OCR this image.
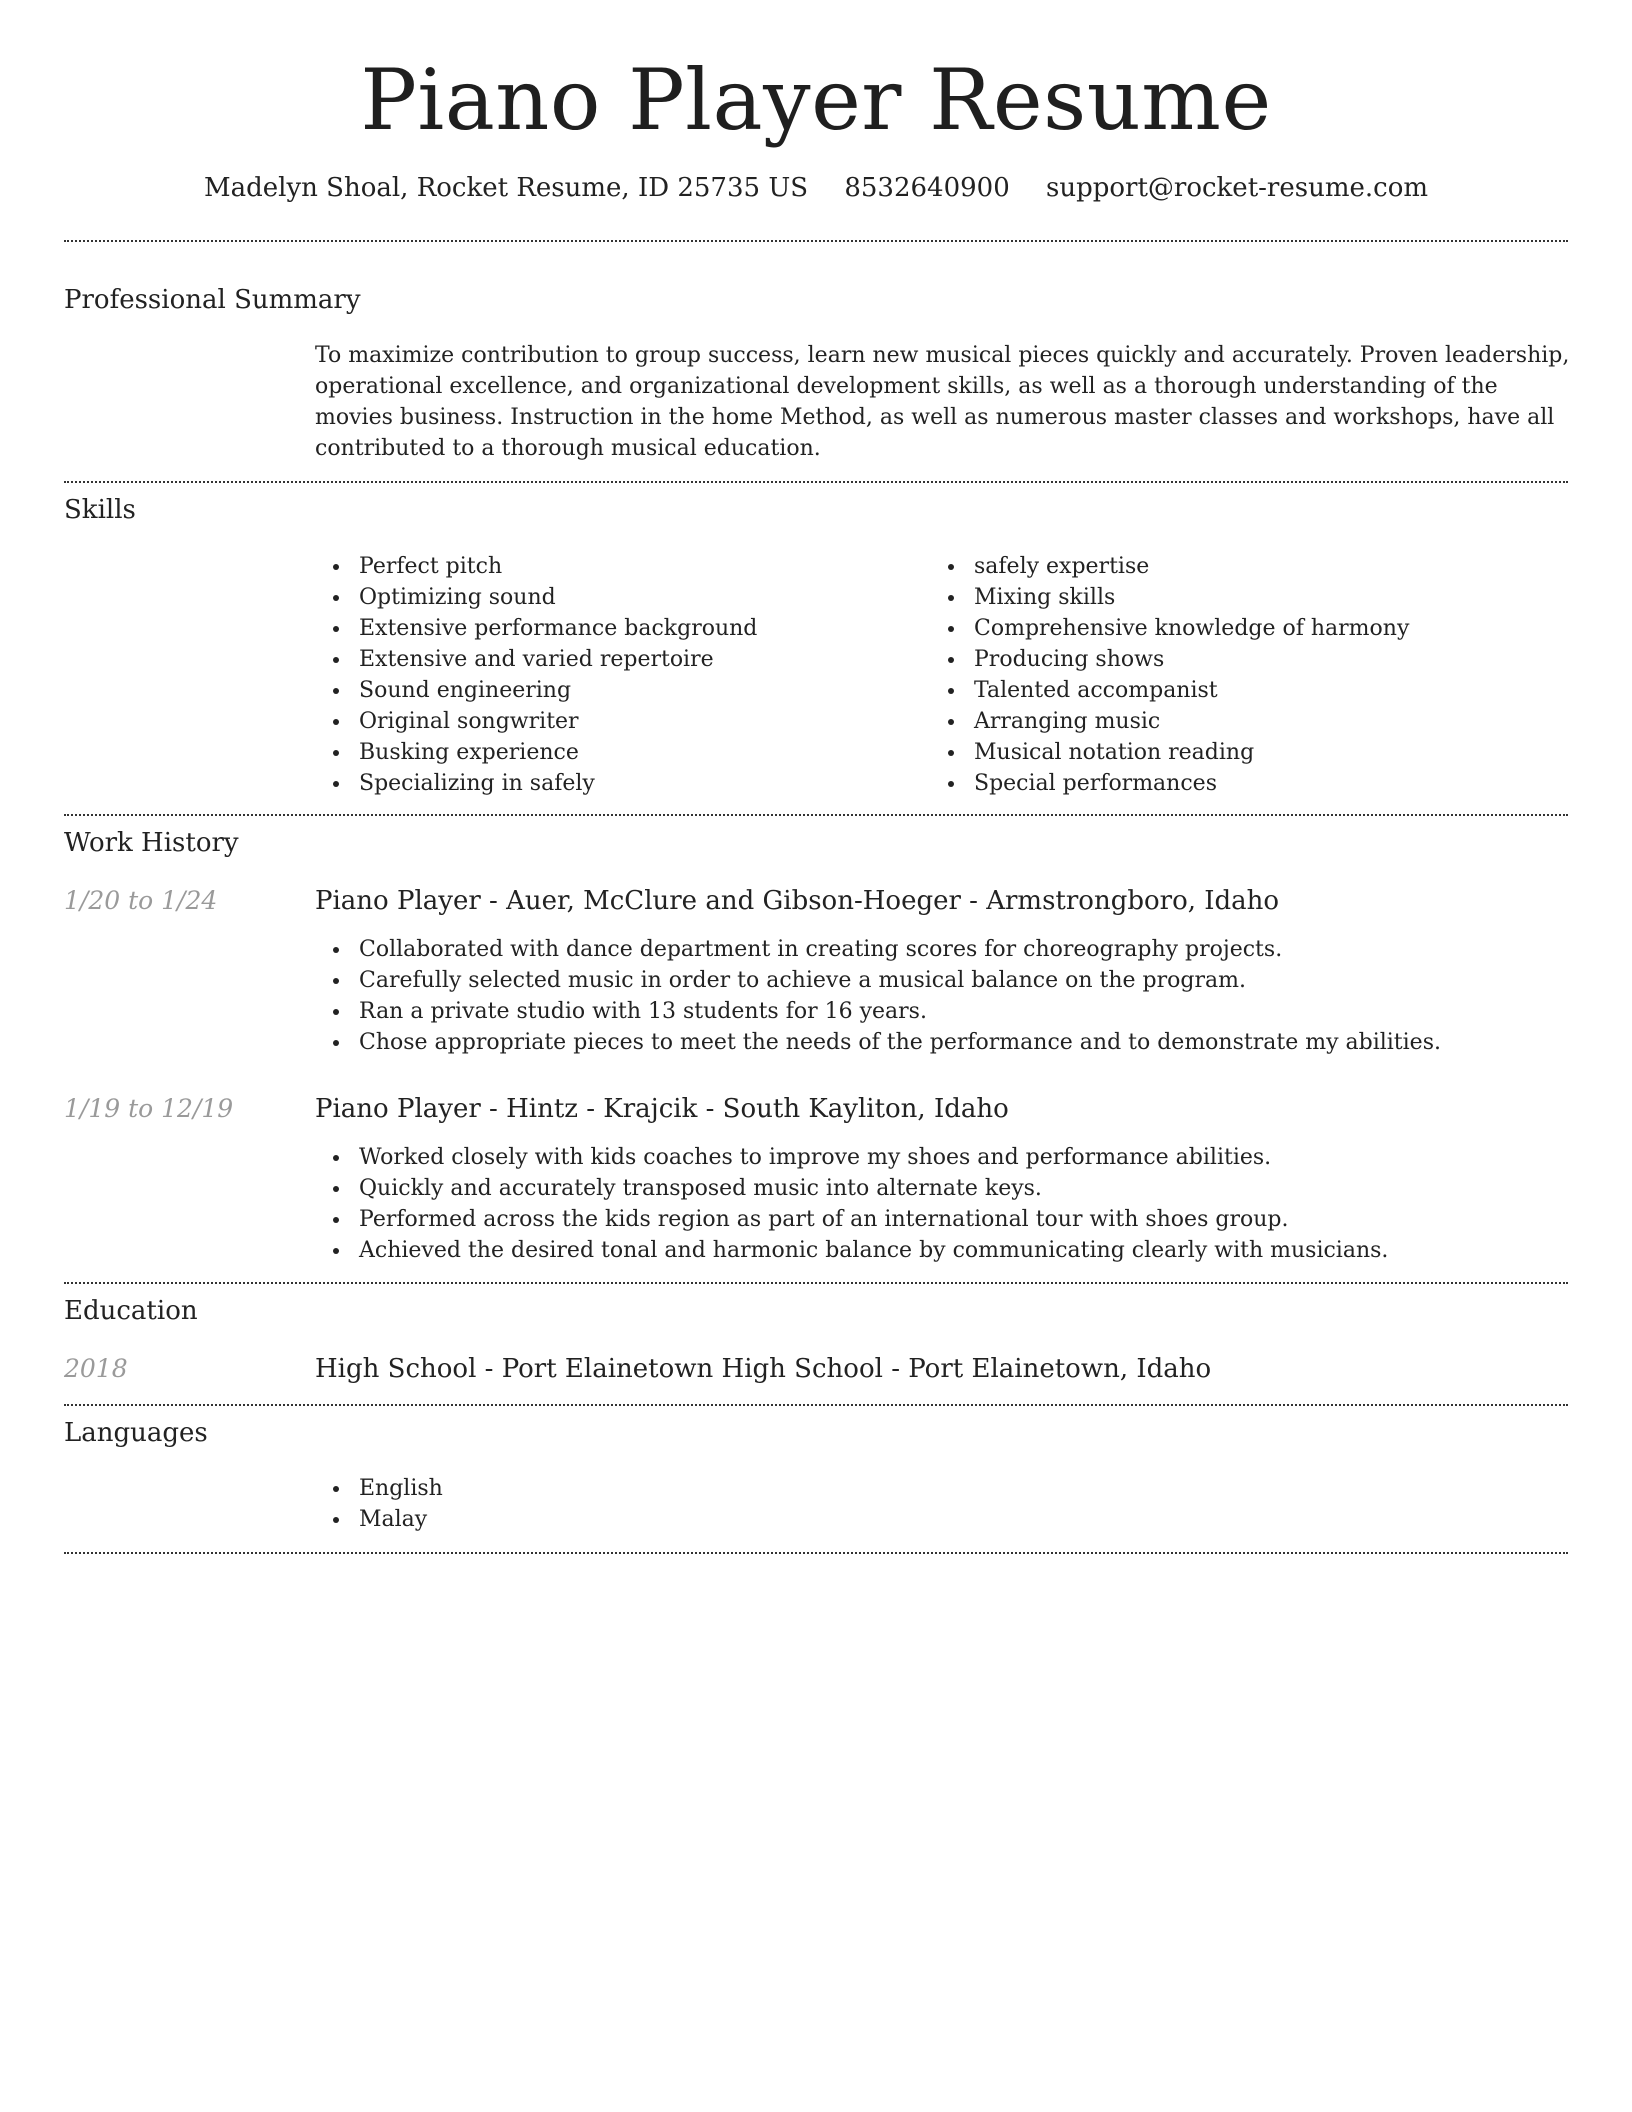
Piano Player Resume
Madelyn Shoal, Rocket Resume, ID 25735 US 8532640900 support@rocket-resume.com
Professional Summary

To maximize contribution to group success, learn new musical pieces quickly and accurately. Proven leadership, operational excellence, and organizational development skills, as well as a thorough understanding of the movies business. Instruction in the home Method, as well as numerous master classes and workshops, have all contributed to a thorough musical education.

Skills
Perfect pitch
Optimizing sound
Extensive performance background
Extensive and varied repertoire
Sound engineering
Original songwriter
Busking experience
Specializing in safely
safely expertise
Mixing skills
Comprehensive knowledge of harmony
Producing shows
Talented accompanist
Arranging music
Musical notation reading
Special performances
Work History
1/20 to 1/24	Piano Player - Auer, McClure and Gibson-Hoeger - Armstrongboro, Idaho
Collaborated with dance department in creating scores for choreography projects.
Carefully selected music in order to achieve a musical balance on the program.
Ran a private studio with 13 students for 16 years.
Chose appropriate pieces to meet the needs of the performance and to demonstrate my abilities.
1/19 to 12/19	Piano Player - Hintz - Krajcik - South Kayliton, Idaho
Worked closely with kids coaches to improve my shoes and performance abilities.
Quickly and accurately transposed music into alternate keys.
Performed across the kids region as part of an international tour with shoes group.
Achieved the desired tonal and harmonic balance by communicating clearly with musicians.
Education
2018	High School - Port Elainetown High School - Port Elainetown, Idaho
Languages
English
Malay
